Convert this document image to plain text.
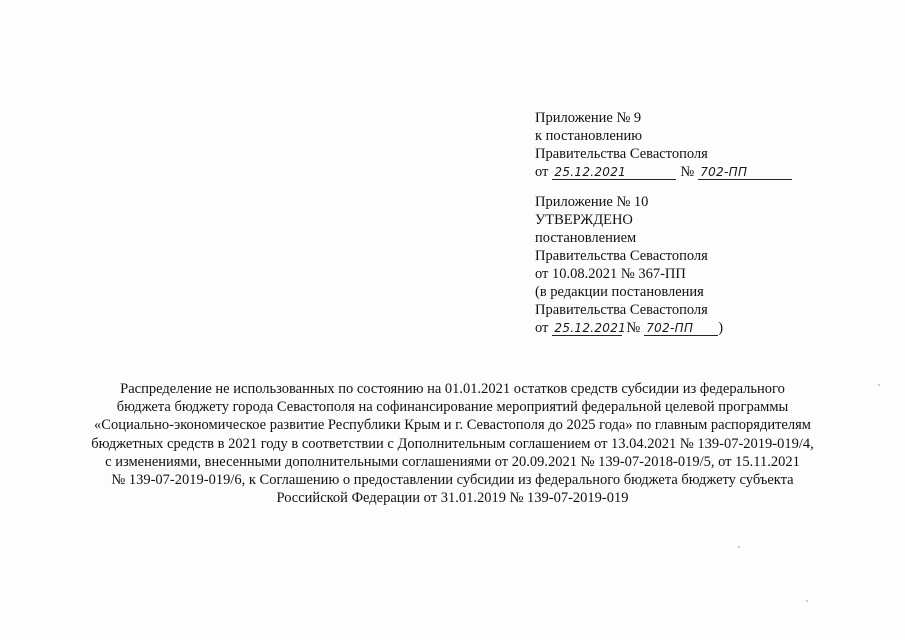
Приложение № 9
к постановлению
Правительства Севастополя
от 25.12.2021	№ 702-ПП
Приложение № 10
УТВЕРЖДЕНО
постановлением
Правительства Севастополя
от 10.08.2021 № 367-ПП
(в редакции постановления
Правительства Севастополя
от 25.12.2021№ 702-ПП )
Распределение не использованных по состоянию на 01.01.2021 остатков средств субсидии из федерального
бюджета бюджету города Севастополя на софинансирование мероприятий федеральной целевой программы
«Социально-экономическое развитие Республики Крым и г. Севастополя до 2025 года» по главным распорядителям
бюджетных средств в 2021 году в соответствии с Дополнительным соглашением от 13.04.2021 № 139-07-2019-019/4,
с изменениями, внесенными дополнительными соглашениями от 20.09.2021 № 139-07-2018-019/5, от 15.11.2021
№ 139-07-2019-019/6, к Соглашению о предоставлении субсидии из федерального бюджета бюджету субъекта
Российской Федерации от 31.01.2019 № 139-07-2019-019
